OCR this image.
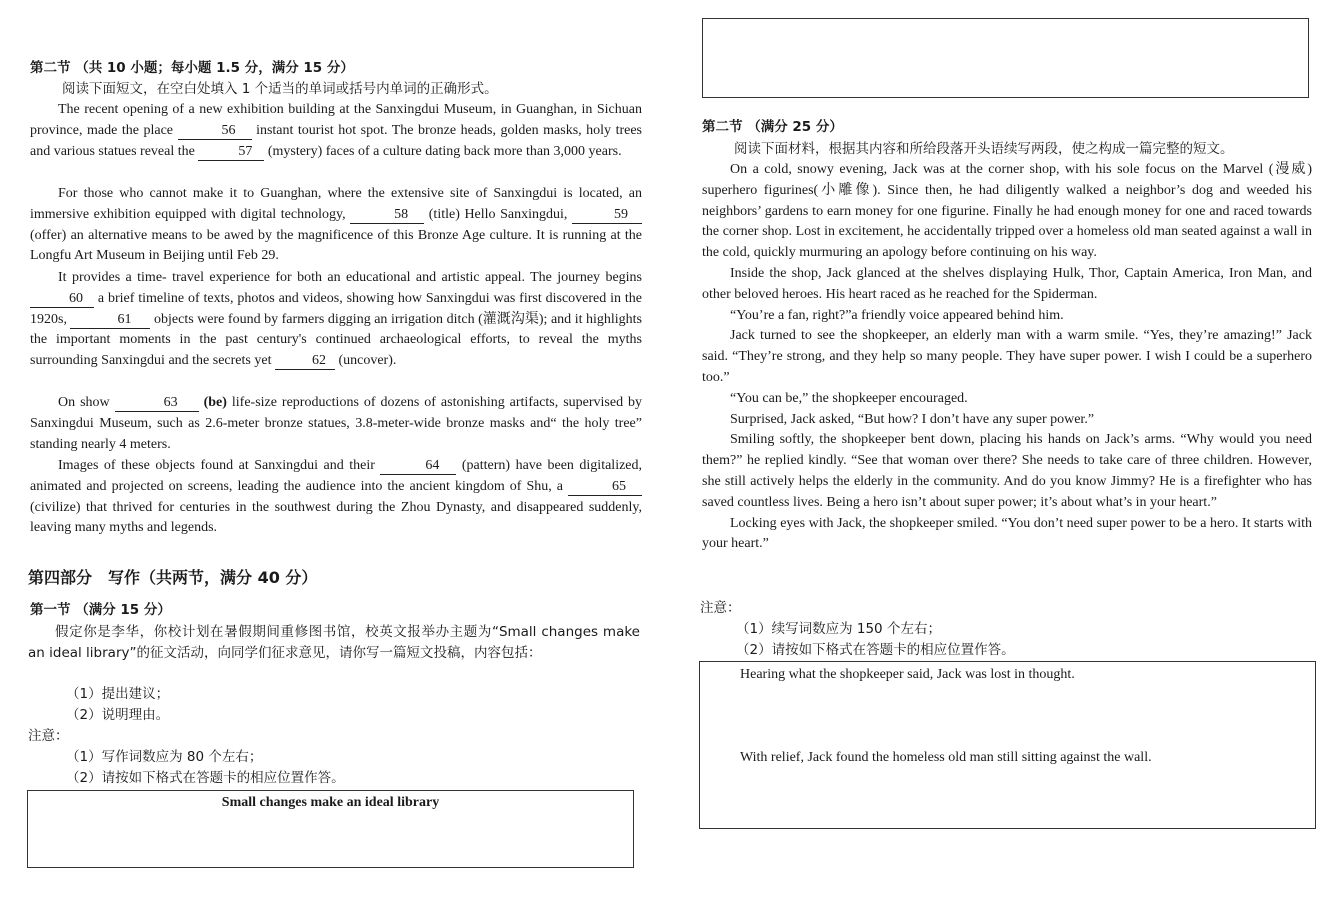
第二节 （共 10 小题；每小题 1.5 分，满分 15 分）
阅读下面短文，在空白处填入 1 个适当的单词或括号内单词的正确形式。

The recent opening of a new exhibition building at the Sanxingdui Museum, in Guanghan, in Sichuan province, made the place	56 instant tourist hot spot. The bronze heads, golden masks, holy trees and various statues reveal the	57 (mystery) faces of a culture dating back more than 3,000 years.

For those who cannot make it to Guanghan, where the extensive site of Sanxingdui is located, an immersive exhibition equipped with digital technology,	58 (title) Hello Sanxingdui,	59 (offer) an alternative means to be awed by the magnificence of this Bronze Age culture. It is running at the Longfu Art Museum in Beijing until Feb 29.

It provides a time- travel experience for both an educational and artistic appeal. The journey begins 60 a brief timeline of texts, photos and videos, showing how Sanxingdui was first discovered in the 1920s,	61 objects were found by farmers digging an irrigation ditch (灌溉沟渠); and it highlights the important moments in the past century's continued archaeological efforts, to reveal the myths surrounding Sanxingdui and the secrets yet	62 (uncover).

On show	63 (be) life-size reproductions of dozens of astonishing artifacts, supervised by Sanxingdui Museum, such as 2.6-meter bronze statues, 3.8-meter-wide bronze masks and“ the holy tree” standing nearly 4 meters.

Images of these objects found at Sanxingdui and their	64 (pattern) have been digitalized, animated and projected on screens, leading the audience into the ancient kingdom of Shu, a	65 (civilize) that thrived for centuries in the southwest during the Zhou Dynasty, and disappeared suddenly, leaving many myths and legends.

第四部分　写作（共两节，满分 40 分）
第一节 （满分 15 分）

假定你是李华，你校计划在暑假期间重修图书馆，校英文报举办主题为“Small changes make an ideal library”的征文活动，向同学们征求意见，请你写一篇短文投稿，内容包括：

（1）提出建议；
（2）说明理由。
注意：
（1）写作词数应为 80 个左右；
（2）请按如下格式在答题卡的相应位置作答。
Small changes make an ideal library
第二节 （满分 25 分）
阅读下面材料，根据其内容和所给段落开头语续写两段，使之构成一篇完整的短文。

On a cold, snowy evening, Jack was at the corner shop, with his sole focus on the Marvel (漫威) superhero figurines(小雕像). Since then, he had diligently walked a neighbor’s dog and weeded his neighbors’ gardens to earn money for one figurine. Finally he had enough money for one and raced towards the corner shop. Lost in excitement, he accidentally tripped over a homeless old man seated against a wall in the cold, quickly murmuring an apology before continuing on his way.

Inside the shop, Jack glanced at the shelves displaying Hulk, Thor, Captain America, Iron Man, and other beloved heroes. His heart raced as he reached for the Spiderman.

“You’re a fan, right?”a friendly voice appeared behind him.

Jack turned to see the shopkeeper, an elderly man with a warm smile. “Yes, they’re amazing!” Jack said. “They’re strong, and they help so many people. They have super power. I wish I could be a superhero too.”

“You can be,” the shopkeeper encouraged.

Surprised, Jack asked, “But how? I don’t have any super power.”

Smiling softly, the shopkeeper bent down, placing his hands on Jack’s arms. “Why would you need them?” he replied kindly. “See that woman over there? She needs to take care of three children. However, she still actively helps the elderly in the community. And do you know Jimmy? He is a firefighter who has saved countless lives. Being a hero isn’t about super power; it’s about what’s in your heart.”

Locking eyes with Jack, the shopkeeper smiled. “You don’t need super power to be a hero. It starts with your heart.”

注意：
（1）续写词数应为 150 个左右；
（2）请按如下格式在答题卡的相应位置作答。
Hearing what the shopkeeper said, Jack was lost in thought.
With relief, Jack found the homeless old man still sitting against the wall.
